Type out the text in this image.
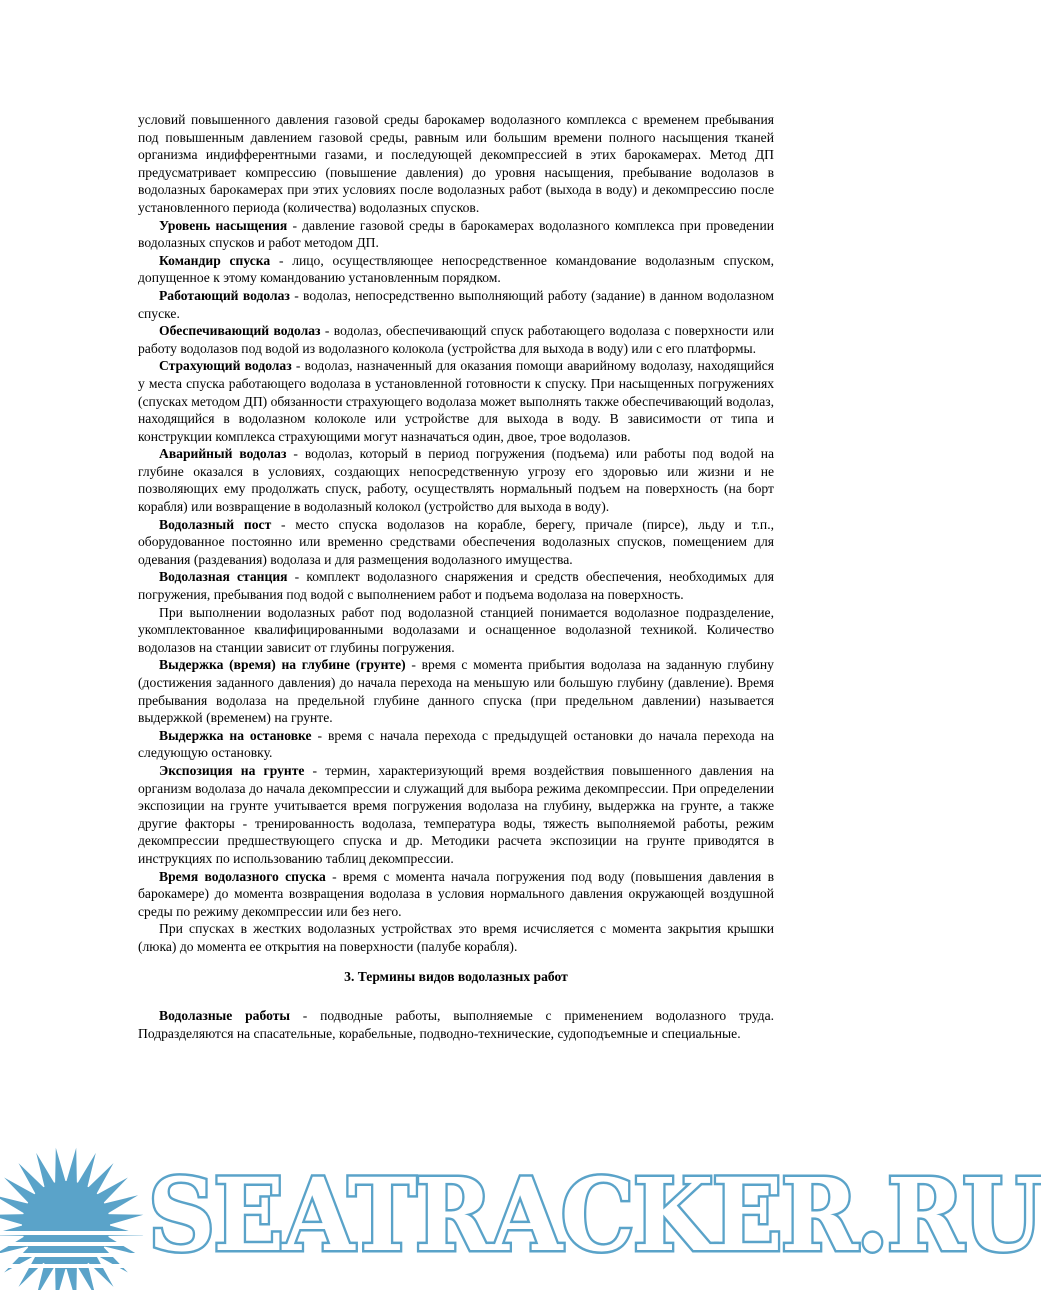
условий повышенного давления газовой среды барокамер водолазного комплекса с временем пребывания под повышенным давлением газовой среды, равным или большим времени полного насыщения тканей организма индифферентными газами, и последующей декомпрессией в этих барокамерах. Метод ДП предусматривает компрессию (повышение давления) до уровня насыщения, пребывание водолазов в водолазных барокамерах при этих условиях после водолазных работ (выхода в воду) и декомпрессию после установленного периода (количества) водолазных спусков.

Уровень насыщения - давление газовой среды в барокамерах водолазного комплекса при проведении водолазных спусков и работ методом ДП.

Командир спуска - лицо, осуществляющее непосредственное командование водолазным спуском, допущенное к этому командованию установленным порядком.

Работающий водолаз - водолаз, непосредственно выполняющий работу (задание) в данном водолазном спуске.

Обеспечивающий водолаз - водолаз, обеспечивающий спуск работающего водолаза с поверхности или работу водолазов под водой из водолазного колокола (устройства для выхода в воду) или с его платформы.

Страхующий водолаз - водолаз, назначенный для оказания помощи аварийному водолазу, находящийся у места спуска работающего водолаза в установленной готовности к спуску. При насыщенных погружениях (спусках методом ДП) обязанности страхующего водолаза может выполнять также обеспечивающий водолаз, находящийся в водолазном колоколе или устройстве для выхода в воду. В зависимости от типа и конструкции комплекса страхующими могут назначаться один, двое, трое водолазов.

Аварийный водолаз - водолаз, который в период погружения (подъема) или работы под водой на глубине оказался в условиях, создающих непосредственную угрозу его здоровью или жизни и не позволяющих ему продолжать спуск, работу, осуществлять нормальный подъем на поверхность (на борт корабля) или возвращение в водолазный колокол (устройство для выхода в воду).

Водолазный пост - место спуска водолазов на корабле, берегу, причале (пирсе), льду и т.п., оборудованное постоянно или временно средствами обеспечения водолазных спусков, помещением для одевания (раздевания) водолаза и для размещения водолазного имущества.

Водолазная станция - комплект водолазного снаряжения и средств обеспечения, необходимых для погружения, пребывания под водой с выполнением работ и подъема водолаза на поверхность.

При выполнении водолазных работ под водолазной станцией понимается водолазное подразделение, укомплектованное квалифицированными водолазами и оснащенное водолазной техникой. Количество водолазов на станции зависит от глубины погружения.

Выдержка (время) на глубине (грунте) - время с момента прибытия водолаза на заданную глубину (достижения заданного давления) до начала перехода на меньшую или большую глубину (давление). Время пребывания водолаза на предельной глубине данного спуска (при предельном давлении) называется выдержкой (временем) на грунте.

Выдержка на остановке - время с начала перехода с предыдущей остановки до начала перехода на следующую остановку.

Экспозиция на грунте - термин, характеризующий время воздействия повышенного давления на организм водолаза до начала декомпрессии и служащий для выбора режима декомпрессии. При определении экспозиции на грунте учитывается время погружения водолаза на глубину, выдержка на грунте, а также другие факторы - тренированность водолаза, температура воды, тяжесть выполняемой работы, режим декомпрессии предшествующего спуска и др. Методики расчета экспозиции на грунте приводятся в инструкциях по использованию таблиц декомпрессии.

Время водолазного спуска - время с момента начала погружения под воду (повышения давления в барокамере) до момента возвращения водолаза в условия нормального давления окружающей воздушной среды по режиму декомпрессии или без него.

При спусках в жестких водолазных устройствах это время исчисляется с момента закрытия крышки (люка) до момента ее открытия на поверхности (палубе корабля).

3. Термины видов водолазных работ

Водолазные работы - подводные работы, выполняемые с применением водолазного труда. Подразделяются на спасательные, корабельные, подводно-технические, судоподъемные и специальные.

SEATRACKER.RU
